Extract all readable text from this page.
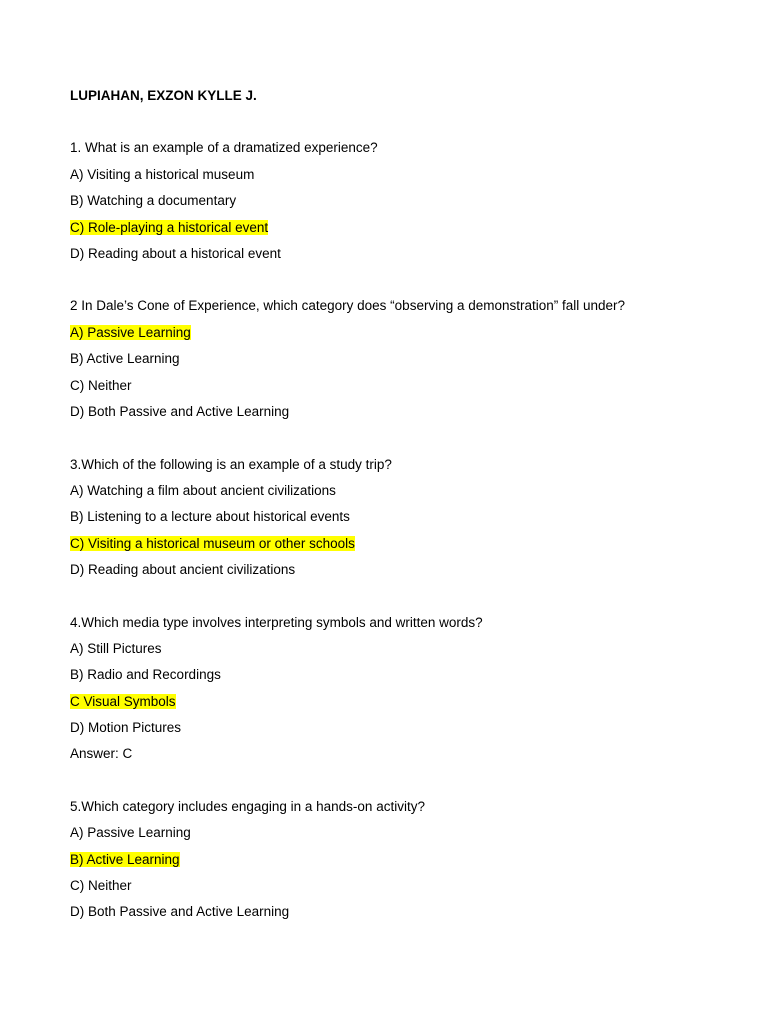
LUPIAHAN, EXZON KYLLE J.
1. What is an example of a dramatized experience?
A) Visiting a historical museum
B) Watching a documentary
C) Role-playing a historical event
D) Reading about a historical event
2 In Dale’s Cone of Experience, which category does “observing a demonstration” fall under?
A) Passive Learning
B) Active Learning
C) Neither
D) Both Passive and Active Learning
3.Which of the following is an example of a study trip?
A) Watching a film about ancient civilizations
B) Listening to a lecture about historical events
C) Visiting a historical museum or other schools
D) Reading about ancient civilizations
4.Which media type involves interpreting symbols and written words?
A) Still Pictures
B) Radio and Recordings
C Visual Symbols
D) Motion Pictures
Answer: C
5.Which category includes engaging in a hands-on activity?
A) Passive Learning
B) Active Learning
C) Neither
D) Both Passive and Active Learning
